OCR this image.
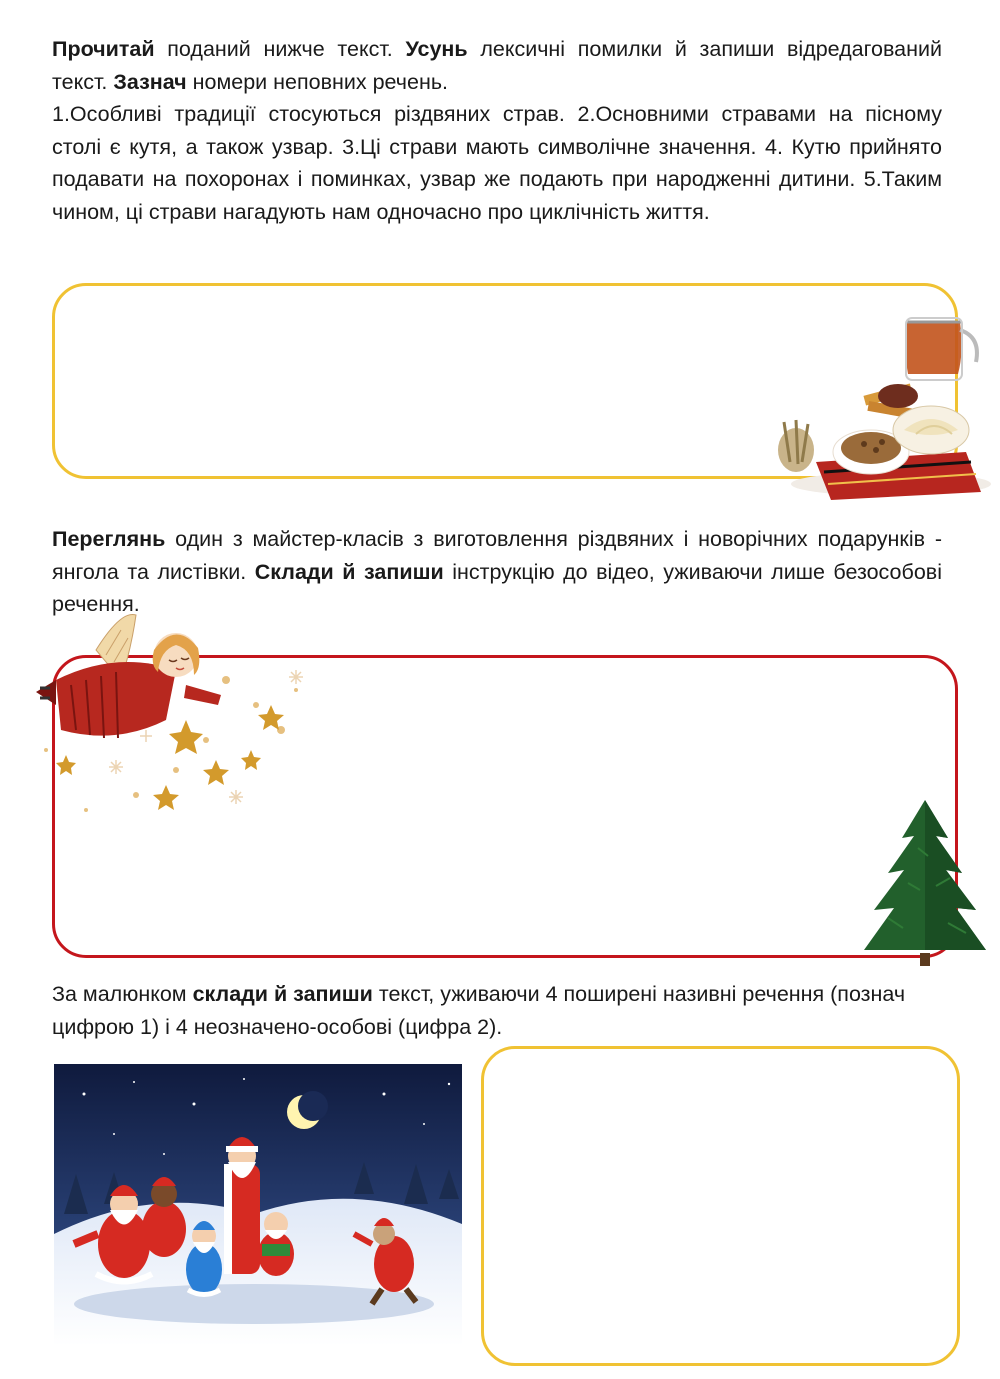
Прочитай поданий нижче текст. Усунь лексичні помилки й запиши відредагований текст. Зазнач номери неповних речень.

1.Особливі традиції стосуються різдвяних страв. 2.Основними стравами на пісному столі є кутя, а також узвар. 3.Ці страви мають символічне значення. 4. Кутю прийнято подавати на похоронах і поминках, узвар же подають при народженні дитини. 5.Таким чином, ці страви нагадують нам одночасно про циклічність життя.

Переглянь один з майстер-класів з виготовлення різдвяних і новорічних подарунків - янгола та листівки. Склади й запиши інструкцію до відео, уживаючи лише безособові речення.

За малюнком склади й запиши текст, уживаючи 4 поширені називні речення (познач цифрою 1) і 4 неозначено-особові (цифра 2).
